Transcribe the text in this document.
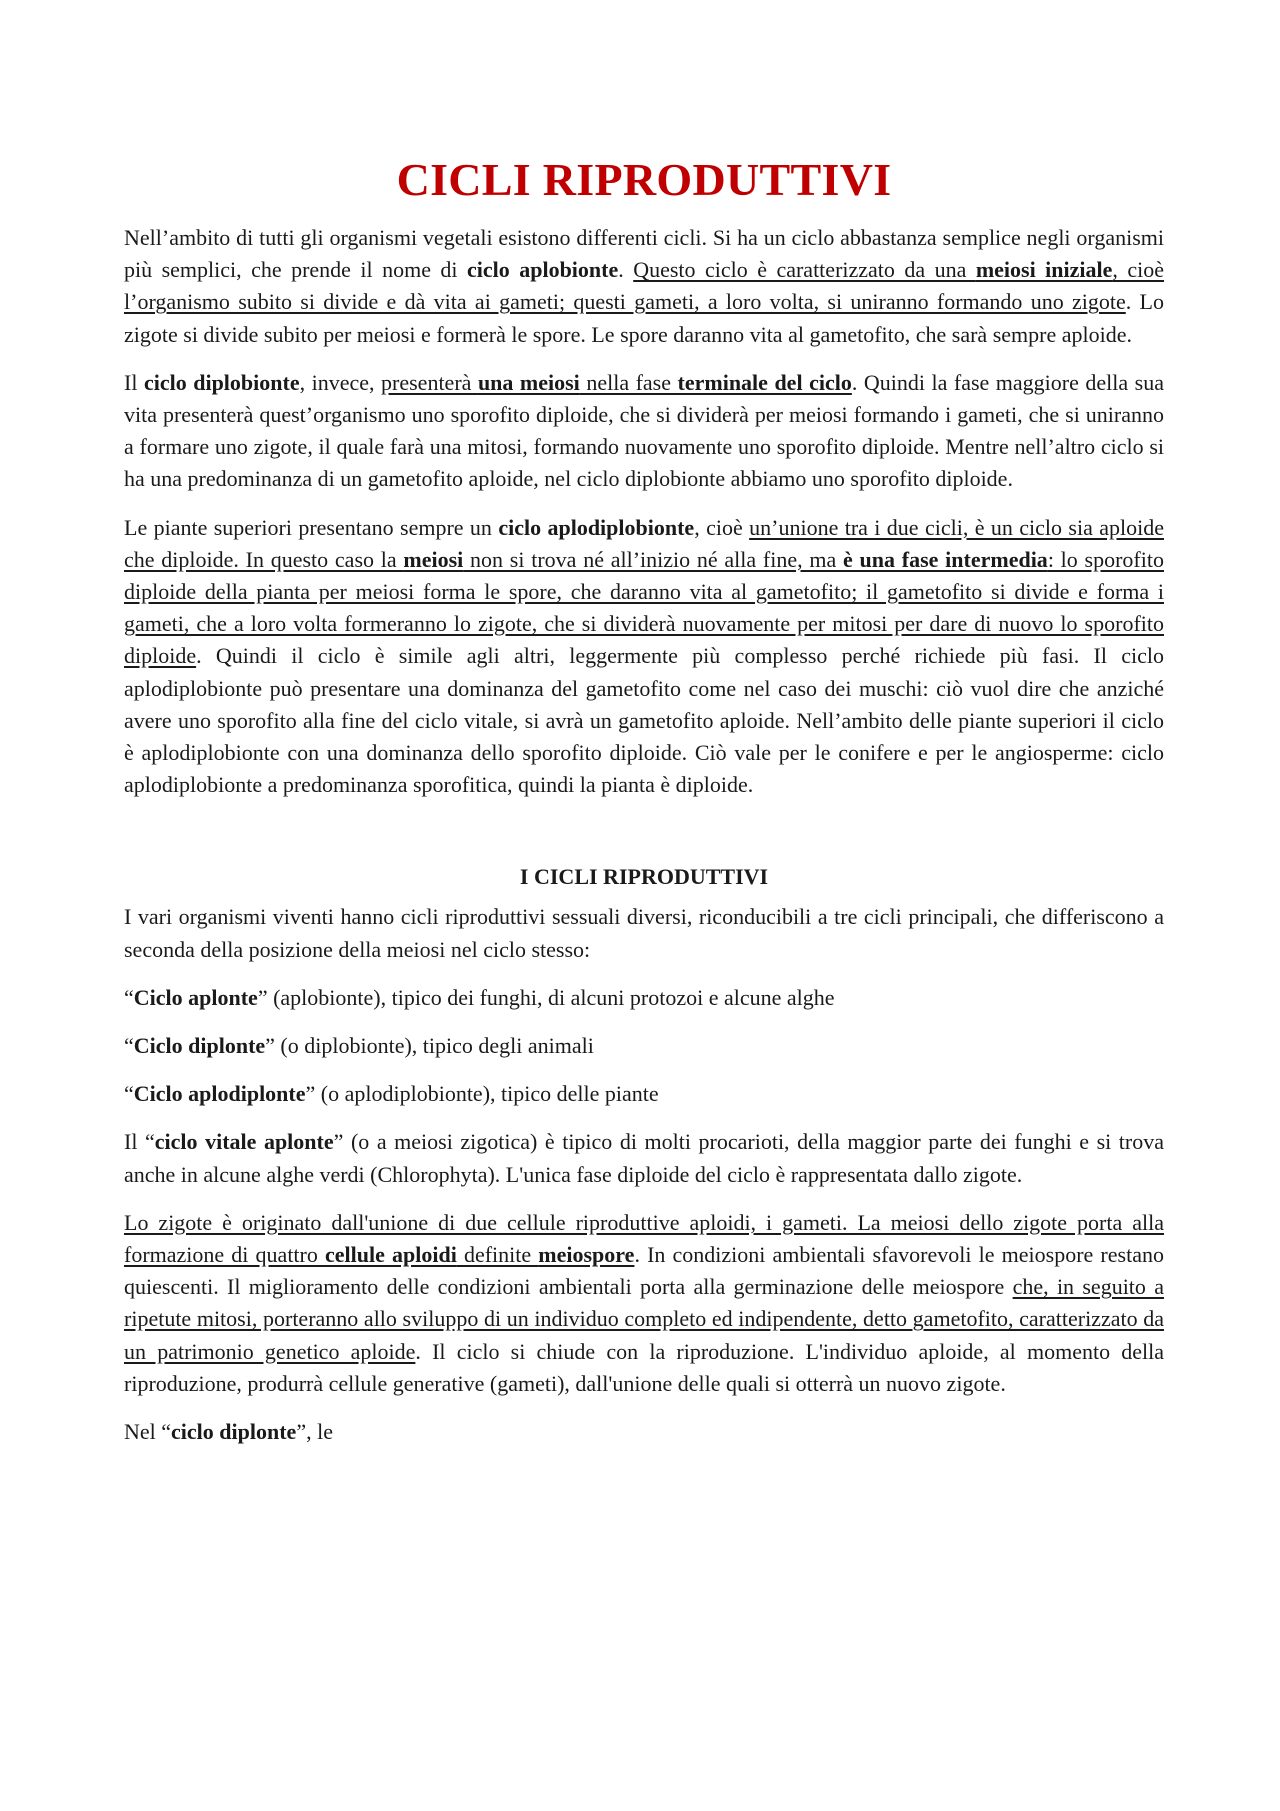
CICLI RIPRODUTTIVI

Nell’ambito di tutti gli organismi vegetali esistono differenti cicli. Si ha un ciclo abbastanza semplice negli organismi più semplici, che prende il nome di ciclo aplobionte. Questo ciclo è caratterizzato da una meiosi iniziale, cioè l’organismo subito si divide e dà vita ai gameti; questi gameti, a loro volta, si uniranno formando uno zigote. Lo zigote si divide subito per meiosi e formerà le spore. Le spore daranno vita al gametofito, che sarà sempre aploide.

Il ciclo diplobionte, invece, presenterà una meiosi nella fase terminale del ciclo. Quindi la fase maggiore della sua vita presenterà quest’organismo uno sporofito diploide, che si dividerà per meiosi formando i gameti, che si uniranno a formare uno zigote, il quale farà una mitosi, formando nuovamente uno sporofito diploide. Mentre nell’altro ciclo si ha una predominanza di un gametofito aploide, nel ciclo diplobionte abbiamo uno sporofito diploide.

Le piante superiori presentano sempre un ciclo aplodiplobionte, cioè un’unione tra i due cicli, è un ciclo sia aploide che diploide. In questo caso la meiosi non si trova né all’inizio né alla fine, ma è una fase intermedia: lo sporofito diploide della pianta per meiosi forma le spore, che daranno vita al gametofito; il gametofito si divide e forma i gameti, che a loro volta formeranno lo zigote, che si dividerà nuovamente per mitosi per dare di nuovo lo sporofito diploide. Quindi il ciclo è simile agli altri, leggermente più complesso perché richiede più fasi. Il ciclo aplodiplobionte può presentare una dominanza del gametofito come nel caso dei muschi: ciò vuol dire che anziché avere uno sporofito alla fine del ciclo vitale, si avrà un gametofito aploide. Nell’ambito delle piante superiori il ciclo è aplodiplobionte con una dominanza dello sporofito diploide. Ciò vale per le conifere e per le angiosperme: ciclo aplodiplobionte a predominanza sporofitica, quindi la pianta è diploide.

I CICLI RIPRODUTTIVI

I vari organismi viventi hanno cicli riproduttivi sessuali diversi, riconducibili a tre cicli principali, che differiscono a seconda della posizione della meiosi nel ciclo stesso:

“Ciclo aplonte” (aplobionte), tipico dei funghi, di alcuni protozoi e alcune alghe

“Ciclo diplonte” (o diplobionte), tipico degli animali

“Ciclo aplodiplonte” (o aplodiplobionte), tipico delle piante

Il “ciclo vitale aplonte” (o a meiosi zigotica) è tipico di molti procarioti, della maggior parte dei funghi e si trova anche in alcune alghe verdi (Chlorophyta). L'unica fase diploide del ciclo è rappresentata dallo zigote.

Lo zigote è originato dall'unione di due cellule riproduttive aploidi, i gameti. La meiosi dello zigote porta alla formazione di quattro cellule aploidi definite meiospore. In condizioni ambientali sfavorevoli le meiospore restano quiescenti. Il miglioramento delle condizioni ambientali porta alla germinazione delle meiospore che, in seguito a ripetute mitosi, porteranno allo sviluppo di un individuo completo ed indipendente, detto gametofito, caratterizzato da un patrimonio genetico aploide. Il ciclo si chiude con la riproduzione. L'individuo aploide, al momento della riproduzione, produrrà cellule generative (gameti), dall'unione delle quali si otterrà un nuovo zigote.

Nel “ciclo diplonte”, le
